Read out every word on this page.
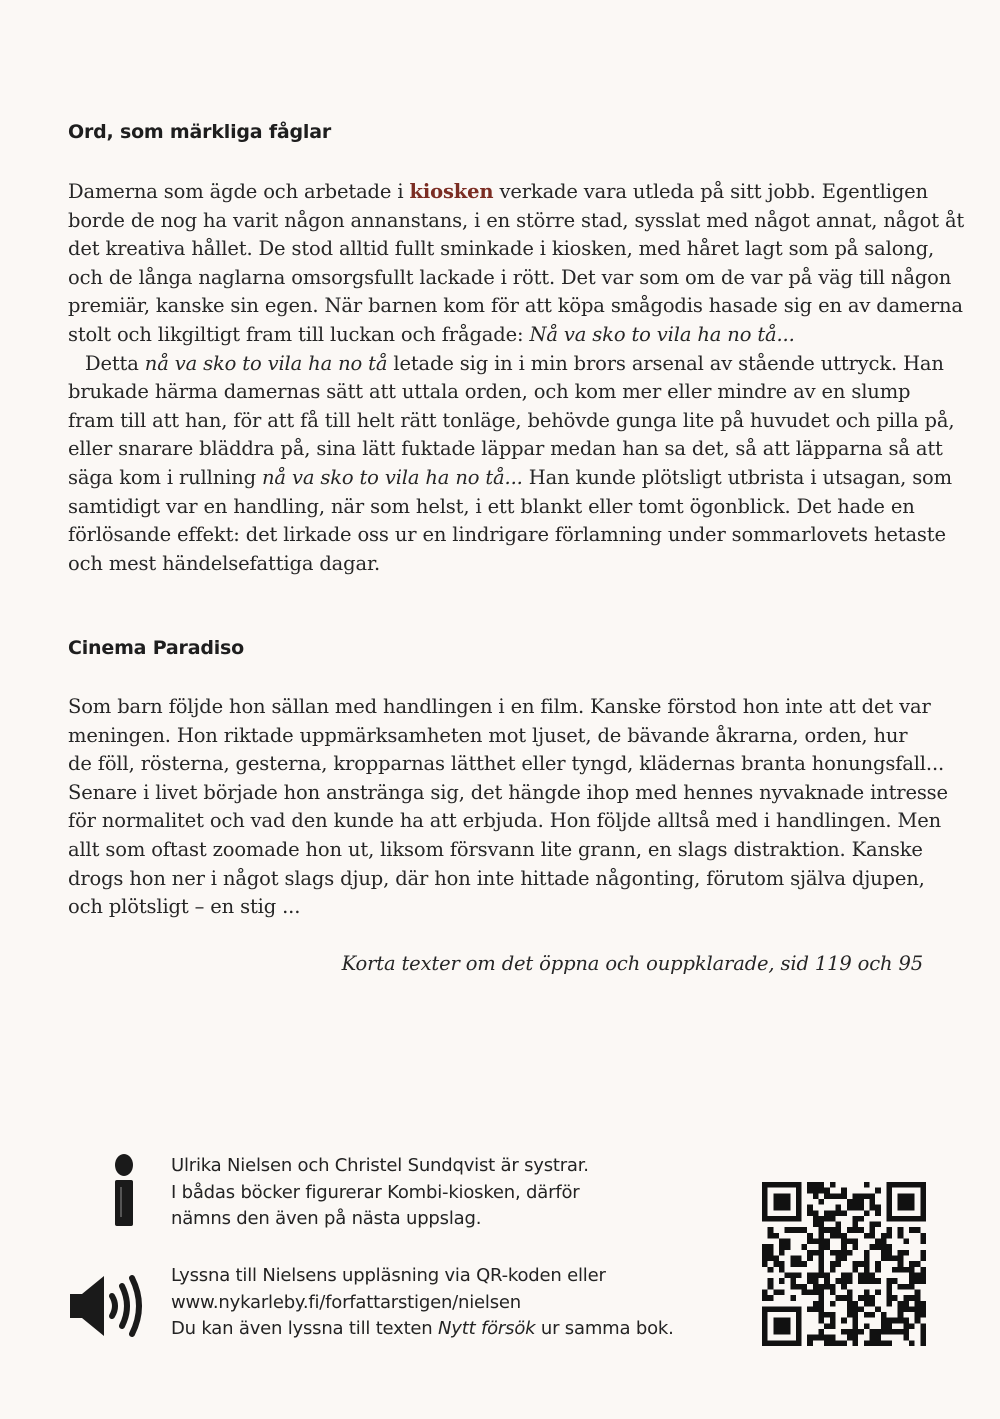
Ord, som märkliga fåglar

Damerna som ägde och arbetade i kiosken verkade vara utleda på sitt jobb. Egentligen
borde de nog ha varit någon annanstans, i en större stad, sysslat med något annat, något åt
det kreativa hållet. De stod alltid fullt sminkade i kiosken, med håret lagt som på salong,
och de långa naglarna omsorgsfullt lackade i rött. Det var som om de var på väg till någon
premiär, kanske sin egen. När barnen kom för att köpa smågodis hasade sig en av damerna
stolt och likgiltigt fram till luckan och frågade: Nå va sko to vila ha no tå...
Detta nå va sko to vila ha no tå letade sig in i min brors arsenal av stående uttryck. Han
brukade härma damernas sätt att uttala orden, och kom mer eller mindre av en slump
fram till att han, för att få till helt rätt tonläge, behövde gunga lite på huvudet och pilla på,
eller snarare bläddra på, sina lätt fuktade läppar medan han sa det, så att läpparna så att
säga kom i rullning nå va sko to vila ha no tå... Han kunde plötsligt utbrista i utsagan, som
samtidigt var en handling, när som helst, i ett blankt eller tomt ögonblick. Det hade en
förlösande effekt: det lirkade oss ur en lindrigare förlamning under sommarlovets hetaste
och mest händelsefattiga dagar.

Cinema Paradiso

Som barn följde hon sällan med handlingen i en film. Kanske förstod hon inte att det var
meningen. Hon riktade uppmärksamheten mot ljuset, de bävande åkrarna, orden, hur
de föll, rösterna, gesterna, kropparnas lätthet eller tyngd, klädernas branta honungsfall...
Senare i livet började hon anstränga sig, det hängde ihop med hennes nyvaknade intresse
för normalitet och vad den kunde ha att erbjuda. Hon följde alltså med i handlingen. Men
allt som oftast zoomade hon ut, liksom försvann lite grann, en slags distraktion. Kanske
drogs hon ner i något slags djup, där hon inte hittade någonting, förutom själva djupen,
och plötsligt – en stig ...

Korta texter om det öppna och ouppklarade, sid 119 och 95

Ulrika Nielsen och Christel Sundqvist är systrar.
I bådas böcker figurerar Kombi-kiosken, därför
nämns den även på nästa uppslag.

Lyssna till Nielsens uppläsning via QR-koden eller
www.nykarleby.fi/forfattarstigen/nielsen
Du kan även lyssna till texten Nytt försök ur samma bok.
